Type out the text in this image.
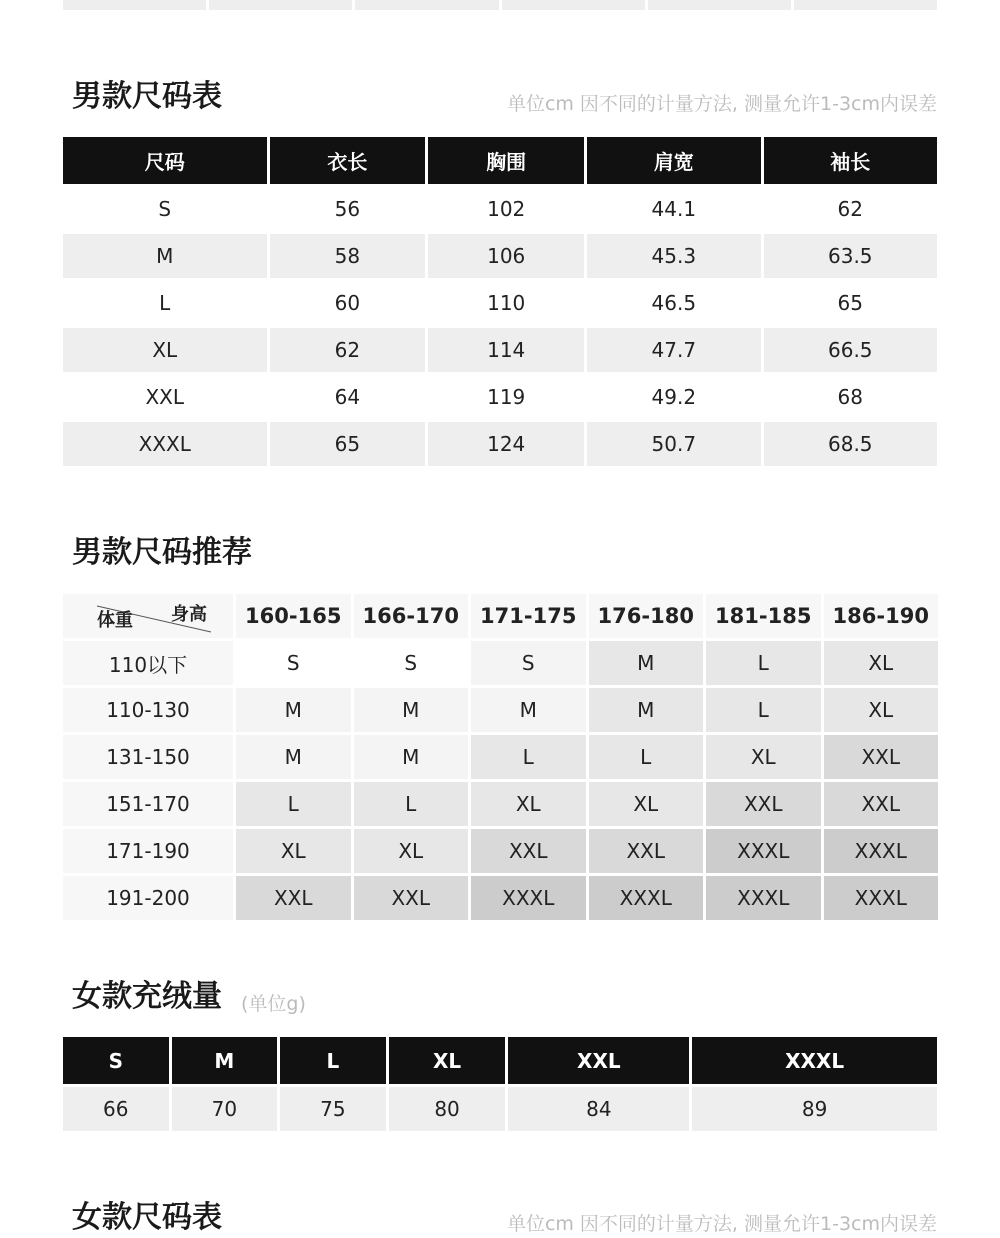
男款尺码表	单位cm 因不同的计量方法, 测量允许1-3cm内误差
尺码	衣长	胸围	肩宽	袖长
S	56	102	44.1	62
M	58	106	45.3	63.5
L	60	110	46.5	65
XL	62	114	47.7	66.5
XXL	64	119	49.2	68
XXXL	65	124	50.7	68.5
男款尺码推荐
身高
体重	160-165	166-170	171-175	176-180	181-185	186-190
110以下	S	S	S	M	L	XL
110-130	M	M	M	M	L	XL
131-150	M	M	L	L	XL	XXL
151-170	L	L	XL	XL	XXL	XXL
171-190	XL	XL	XXL	XXL	XXXL	XXXL
191-200	XXL	XXL	XXXL	XXXL	XXXL	XXXL
女款充绒量 (单位g)
S	M	L	XL	XXL	XXXL
66	70	75	80	84	89
女款尺码表	单位cm 因不同的计量方法, 测量允许1-3cm内误差
